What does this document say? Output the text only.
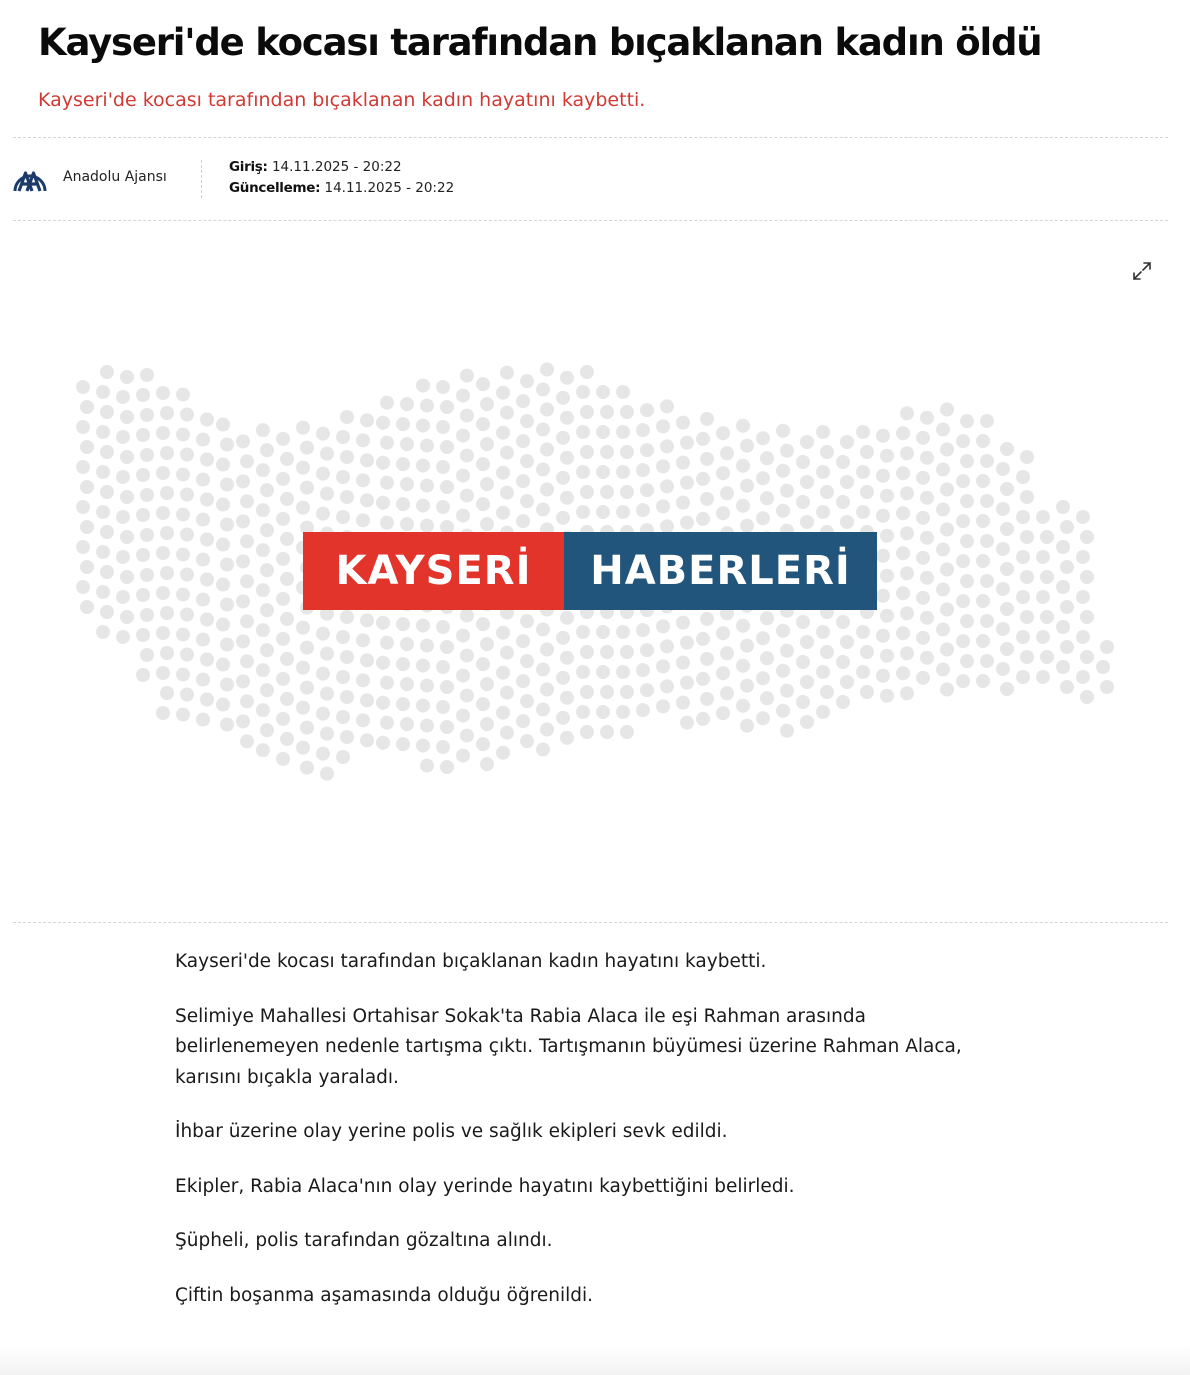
Kayseri'de kocası tarafından bıçaklanan kadın öldü
Kayseri'de kocası tarafından bıçaklanan kadın hayatını kaybetti.
Anadolu Ajansı
Giriş: 14.11.2025 - 20:22
Güncelleme: 14.11.2025 - 20:22
KAYSERİ	HABERLERİ

Kayseri'de kocası tarafından bıçaklanan kadın hayatını kaybetti.

Selimiye Mahallesi Ortahisar Sokak'ta Rabia Alaca ile eşi Rahman arasında belirlenemeyen nedenle tartışma çıktı. Tartışmanın büyümesi üzerine Rahman Alaca, karısını bıçakla yaraladı.

İhbar üzerine olay yerine polis ve sağlık ekipleri sevk edildi.

Ekipler, Rabia Alaca'nın olay yerinde hayatını kaybettiğini belirledi.

Şüpheli, polis tarafından gözaltına alındı.

Çiftin boşanma aşamasında olduğu öğrenildi.
